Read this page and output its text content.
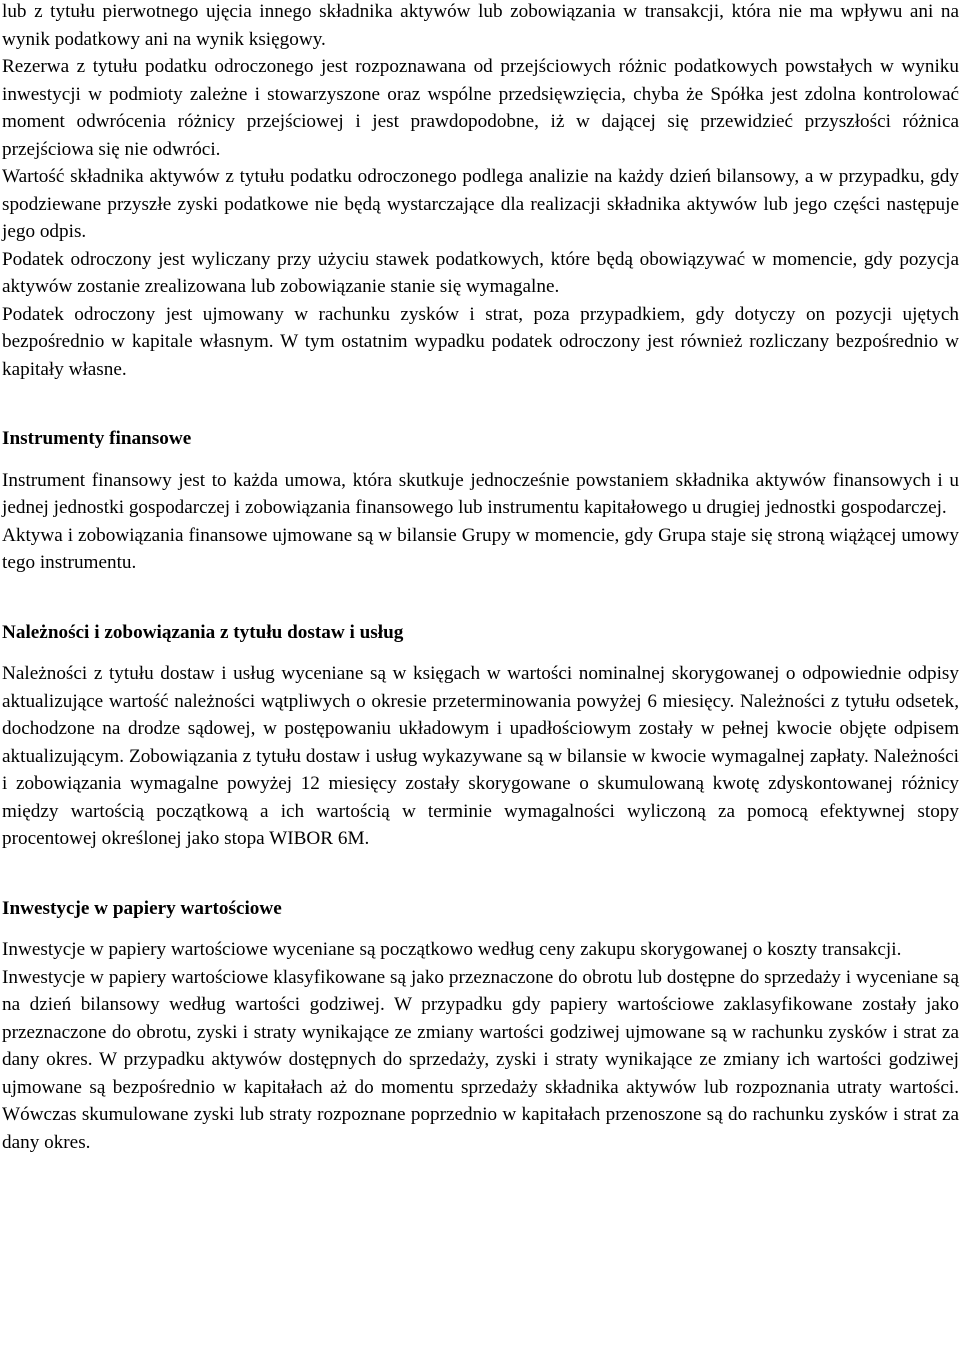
lub z tytułu pierwotnego ujęcia innego składnika aktywów lub zobowiązania w transakcji, która nie ma wpływu ani na wynik podatkowy ani na wynik księgowy.

Rezerwa z tytułu podatku odroczonego jest rozpoznawana od przejściowych różnic podatkowych powstałych w wyniku inwestycji w podmioty zależne i stowarzyszone oraz wspólne przedsięwzięcia, chyba że Spółka jest zdolna kontrolować moment odwrócenia różnicy przejściowej i jest prawdopodobne, iż w dającej się przewidzieć przyszłości różnica przejściowa się nie odwróci.

Wartość składnika aktywów z tytułu podatku odroczonego podlega analizie na każdy dzień bilansowy, a w przypadku, gdy spodziewane przyszłe zyski podatkowe nie będą wystarczające dla realizacji składnika aktywów lub jego części następuje jego odpis.

Podatek odroczony jest wyliczany przy użyciu stawek podatkowych, które będą obowiązywać w momencie, gdy pozycja aktywów zostanie zrealizowana lub zobowiązanie stanie się wymagalne.

Podatek odroczony jest ujmowany w rachunku zysków i strat, poza przypadkiem, gdy dotyczy on pozycji ujętych bezpośrednio w kapitale własnym. W tym ostatnim wypadku podatek odroczony jest również rozliczany bezpośrednio w kapitały własne.

Instrumenty finansowe

Instrument finansowy jest to każda umowa, która skutkuje jednocześnie powstaniem składnika aktywów finansowych i u jednej jednostki gospodarczej i zobowiązania finansowego lub instrumentu kapitałowego u drugiej jednostki gospodarczej.

Aktywa i zobowiązania finansowe ujmowane są w bilansie Grupy w momencie, gdy Grupa staje się stroną wiążącej umowy tego instrumentu.

Należności i zobowiązania z tytułu dostaw i usług

Należności z tytułu dostaw i usług wyceniane są w księgach w wartości nominalnej skorygowanej o odpowiednie odpisy aktualizujące wartość należności wątpliwych o okresie przeterminowania powyżej 6 miesięcy. Należności z tytułu odsetek, dochodzone na drodze sądowej, w postępowaniu układowym i upadłościowym zostały w pełnej kwocie objęte odpisem aktualizującym. Zobowiązania z tytułu dostaw i usług wykazywane są w bilansie w kwocie wymagalnej zapłaty. Należności i zobowiązania wymagalne powyżej 12 miesięcy zostały skorygowane o skumulowaną kwotę zdyskontowanej różnicy między wartością początkową a ich wartością w terminie wymagalności wyliczoną za pomocą efektywnej stopy procentowej określonej jako stopa WIBOR 6M.

Inwestycje w papiery wartościowe

Inwestycje w papiery wartościowe wyceniane są początkowo według ceny zakupu skorygowanej o koszty transakcji.

Inwestycje w papiery wartościowe klasyfikowane są jako przeznaczone do obrotu lub dostępne do sprzedaży i wyceniane są na dzień bilansowy według wartości godziwej. W przypadku gdy papiery wartościowe zaklasyfikowane zostały jako przeznaczone do obrotu, zyski i straty wynikające ze zmiany wartości godziwej ujmowane są w rachunku zysków i strat za dany okres. W przypadku aktywów dostępnych do sprzedaży, zyski i straty wynikające ze zmiany ich wartości godziwej ujmowane są bezpośrednio w kapitałach aż do momentu sprzedaży składnika aktywów lub rozpoznania utraty wartości. Wówczas skumulowane zyski lub straty rozpoznane poprzednio w kapitałach przenoszone są do rachunku zysków i strat za dany okres.
